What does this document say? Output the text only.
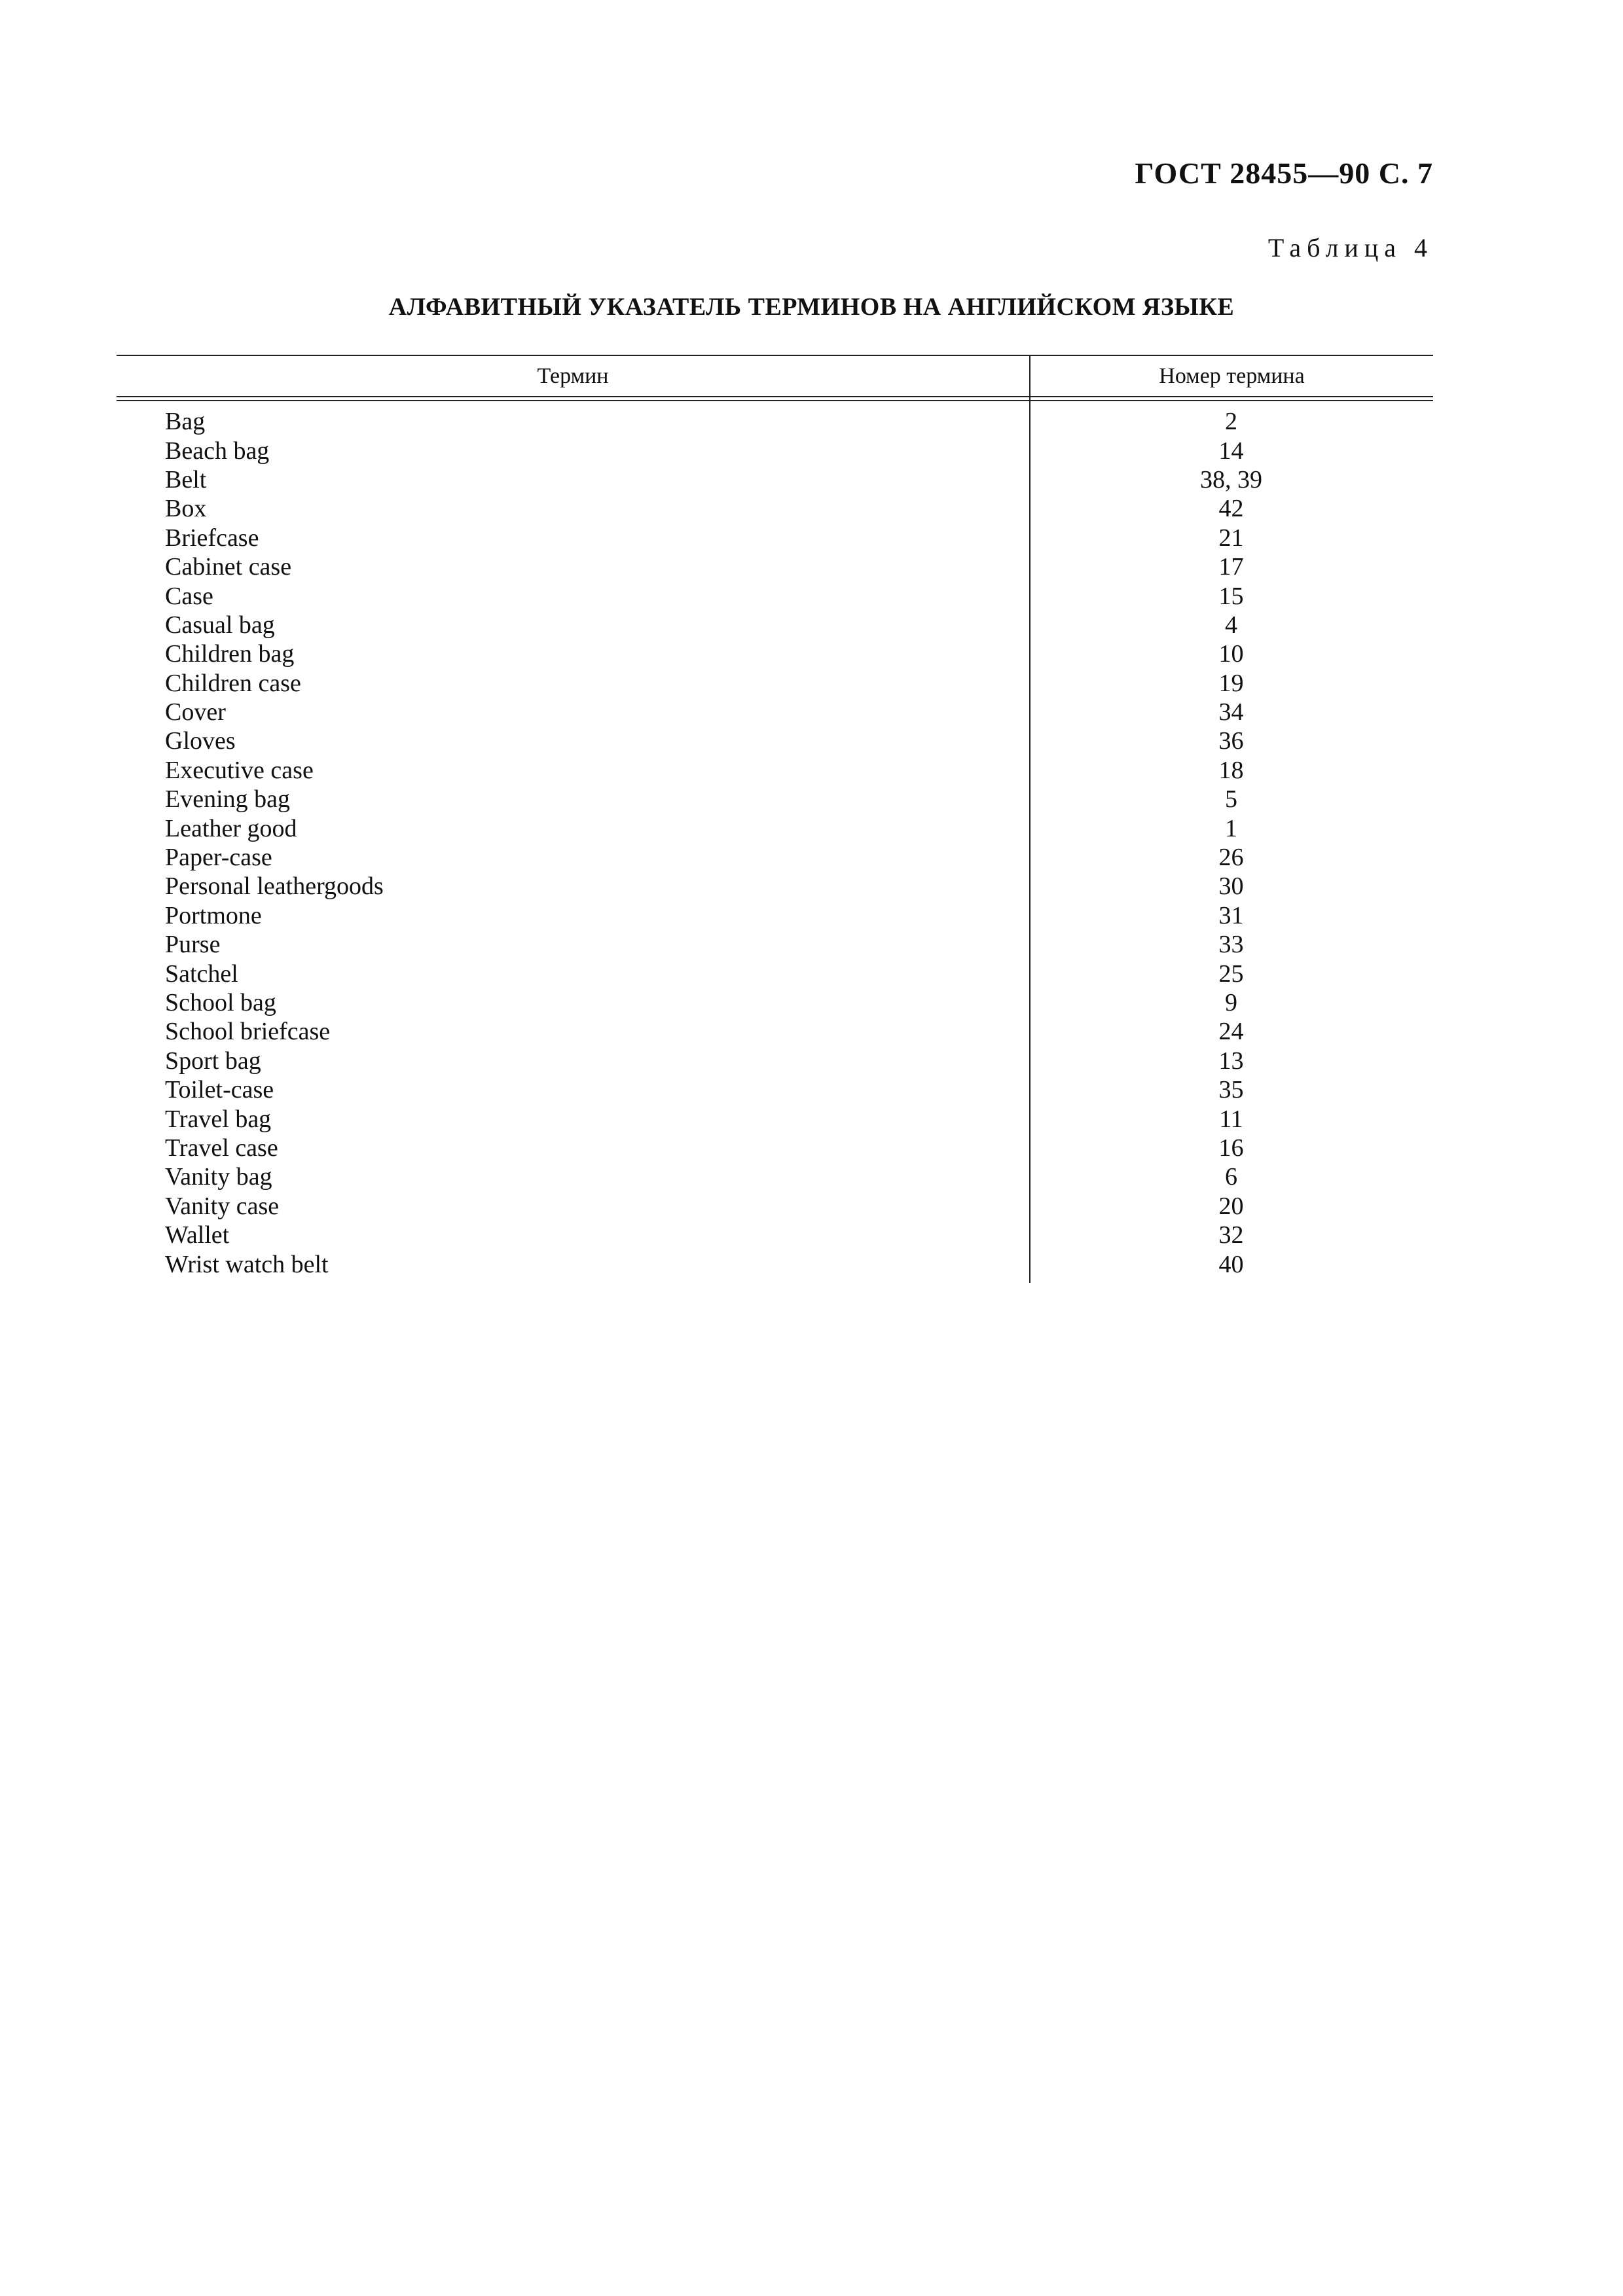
ГОСТ 28455—90 С. 7
Таблица 4
АЛФАВИТНЫЙ УКАЗАТЕЛЬ ТЕРМИНОВ НА АНГЛИЙСКОМ ЯЗЫКЕ
Термин	Номер термина
Bag	2
Beach bag	14
Belt	38, 39
Box	42
Briefcase	21
Cabinet case	17
Case	15
Casual bag	4
Children bag	10
Children case	19
Cover	34
Gloves	36
Executive case	18
Evening bag	5
Leather good	1
Paper-case	26
Personal leathergoods	30
Portmone	31
Purse	33
Satchel	25
School bag	9
School briefcase	24
Sport bag	13
Toilet-case	35
Travel bag	11
Travel case	16
Vanity bag	6
Vanity case	20
Wallet	32
Wrist watch belt	40
